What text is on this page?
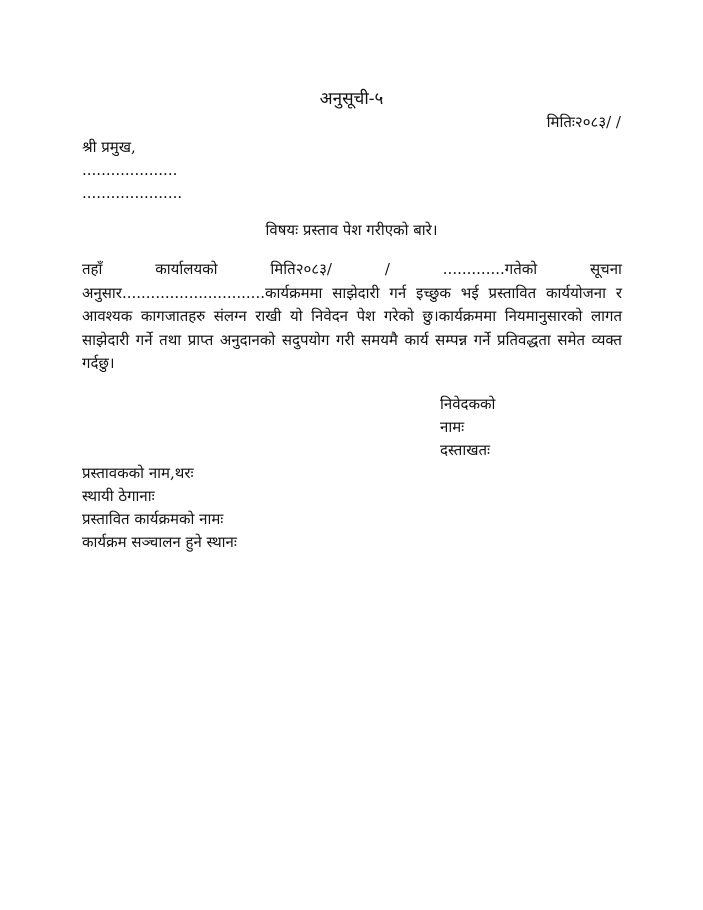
अनुसूची-५
मितिः२०८३/ /
श्री प्रमुख,
....................
.....................
विषयः प्रस्ताव पेश गरीएको बारे।
तहाँ	कार्यालयको	मिति२०८३/	/	.............गतेको	सूचना
अनुसार..............................कार्यक्रममा साझेदारी गर्न इच्छुक भई प्रस्तावित कार्ययोजना र आवश्यक कागजातहरु संलग्न राखी यो निवेदन पेश गरेको छु।कार्यक्रममा नियमानुसारको लागत साझेदारी गर्ने तथा प्राप्त अनुदानको सदुपयोग गरी समयमै कार्य सम्पन्न गर्ने प्रतिवद्धता समेत व्यक्त गर्दछु।
निवेदकको
नामः
दस्ताखतः
प्रस्तावकको नाम,थरः
स्थायी ठेगानाः
प्रस्तावित कार्यक्रमको नामः
कार्यक्रम सञ्चालन हुने स्थानः
